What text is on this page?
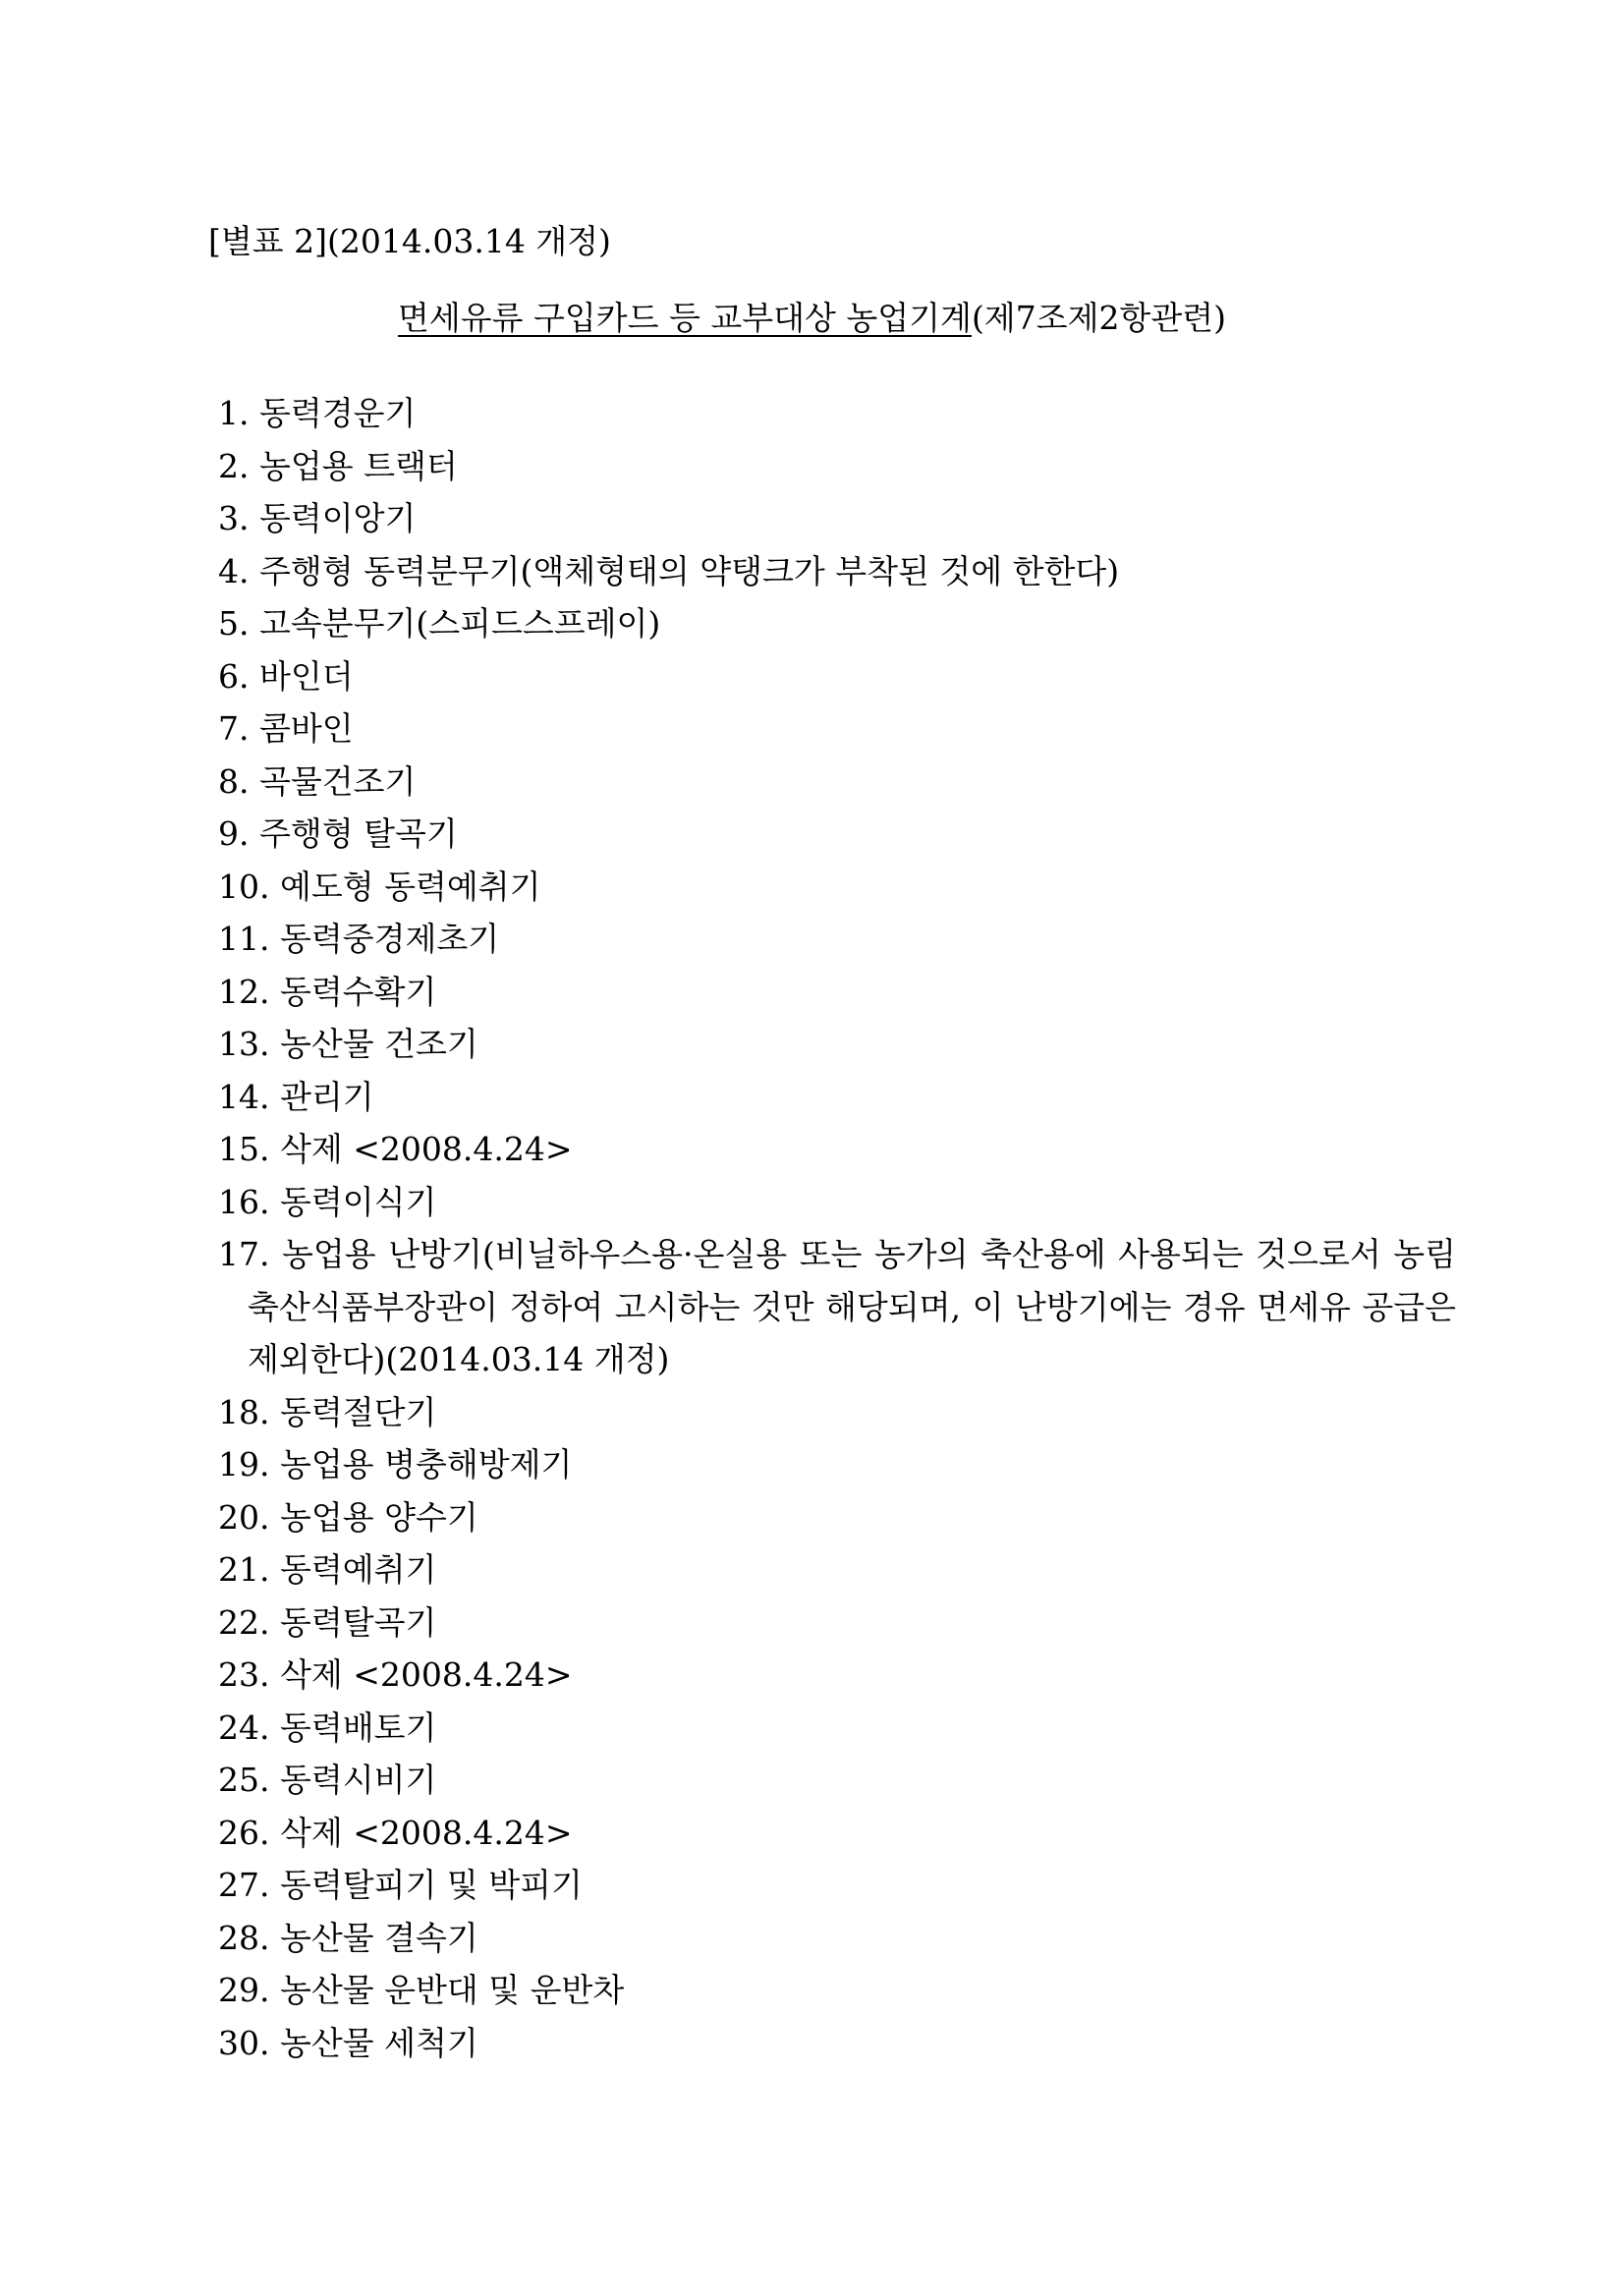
[별표 2](2014.03.14 개정)
면세유류 구입카드 등 교부대상 농업기계(제7조제2항관련)
1. 동력경운기
2. 농업용 트랙터
3. 동력이앙기
4. 주행형 동력분무기(액체형태의 약탱크가 부착된 것에 한한다)
5. 고속분무기(스피드스프레이)
6. 바인더
7. 콤바인
8. 곡물건조기
9. 주행형 탈곡기
10. 예도형 동력예취기
11. 동력중경제초기
12. 동력수확기
13. 농산물 건조기
14. 관리기
15. 삭제 <2008.4.24>
16. 동력이식기
17. 농업용 난방기(비닐하우스용·온실용 또는 농가의 축산용에 사용되는 것으로서 농림축산식품부장관이 정하여 고시하는 것만 해당되며, 이 난방기에는 경유 면세유 공급은 제외한다)(2014.03.14 개정)
18. 동력절단기
19. 농업용 병충해방제기
20. 농업용 양수기
21. 동력예취기
22. 동력탈곡기
23. 삭제 <2008.4.24>
24. 동력배토기
25. 동력시비기
26. 삭제 <2008.4.24>
27. 동력탈피기 및 박피기
28. 농산물 결속기
29. 농산물 운반대 및 운반차
30. 농산물 세척기
